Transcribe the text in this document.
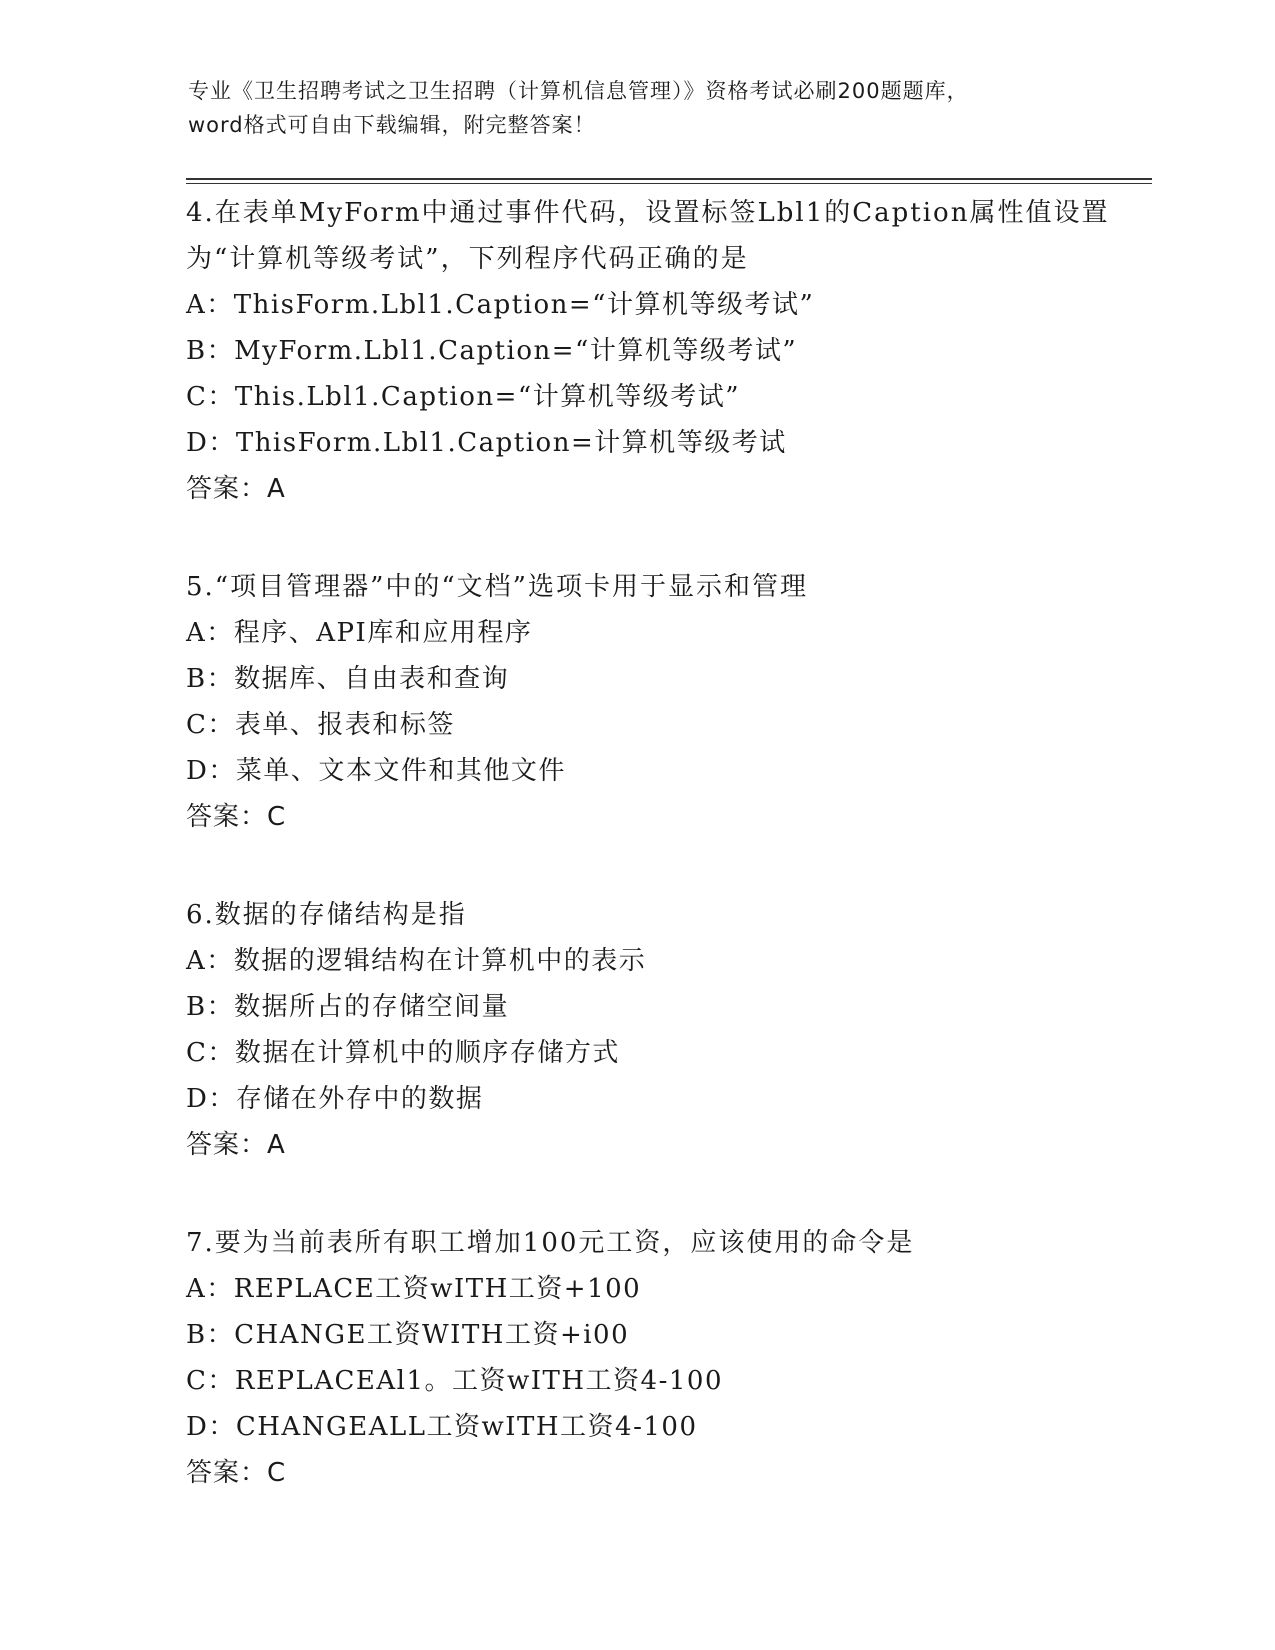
专业《卫生招聘考试之卫生招聘（计算机信息管理）》资格考试必刷200题题库，
word格式可自由下载编辑，附完整答案！
4.在表单MyForm中通过事件代码，设置标签Lbl1的Caption属性值设置为“计算机等级考试”，下列程序代码正确的是
A：ThisForm.Lbl1.Caption=“计算机等级考试”
B：MyForm.Lbl1.Caption=“计算机等级考试”
C：This.Lbl1.Caption=“计算机等级考试”
D：ThisForm.Lbl1.Caption=计算机等级考试
答案：A
5.“项目管理器”中的“文档”选项卡用于显示和管理
A：程序、API库和应用程序
B：数据库、自由表和查询
C：表单、报表和标签
D：菜单、文本文件和其他文件
答案：C
6.数据的存储结构是指
A：数据的逻辑结构在计算机中的表示
B：数据所占的存储空间量
C：数据在计算机中的顺序存储方式
D：存储在外存中的数据
答案：A
7.要为当前表所有职工增加100元工资，应该使用的命令是
A：REPLACE工资wITH工资+100
B：CHANGE工资WITH工资+i00
C：REPLACEAl1。工资wITH工资4-100
D：CHANGEALL工资wITH工资4-100
答案：C
